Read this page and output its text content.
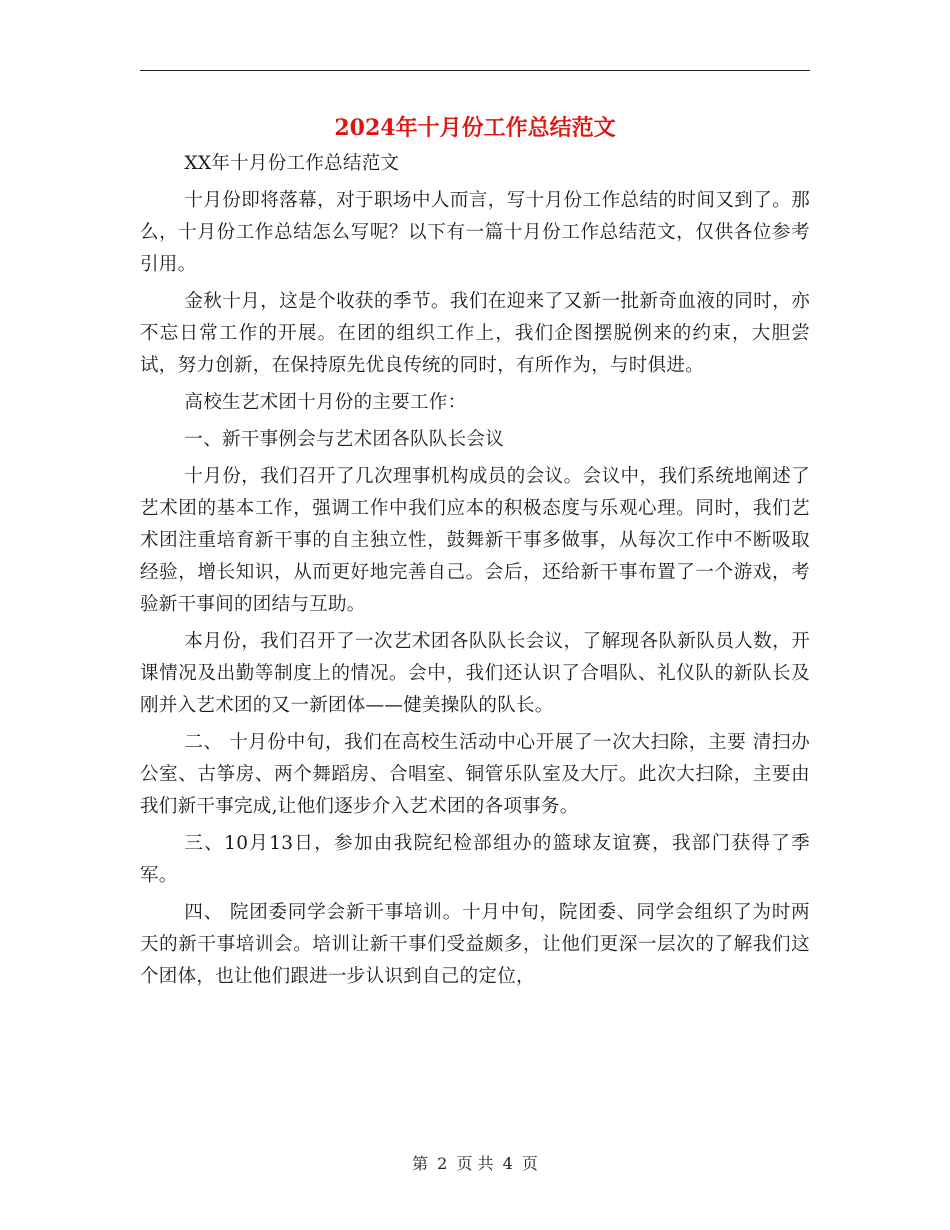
2024年十月份工作总结范文

XX年十月份工作总结范文

十月份即将落幕，对于职场中人而言，写十月份工作总结的时间又到了。那么，十月份工作总结怎么写呢？以下有一篇十月份工作总结范文，仅供各位参考引用。

金秋十月，这是个收获的季节。我们在迎来了又新一批新奇血液的同时，亦不忘日常工作的开展。在团的组织工作上，我们企图摆脱例来的约束，大胆尝试，努力创新，在保持原先优良传统的同时，有所作为，与时俱进。

高校生艺术团十月份的主要工作：

一、新干事例会与艺术团各队队长会议

十月份，我们召开了几次理事机构成员的会议。会议中，我们系统地阐述了艺术团的基本工作，强调工作中我们应本的积极态度与乐观心理。同时，我们艺术团注重培育新干事的自主独立性，鼓舞新干事多做事，从每次工作中不断吸取经验，增长知识，从而更好地完善自己。会后，还给新干事布置了一个游戏，考验新干事间的团结与互助。

本月份，我们召开了一次艺术团各队队长会议，了解现各队新队员人数，开课情况及出勤等制度上的情况。会中，我们还认识了合唱队、礼仪队的新队长及刚并入艺术团的又一新团体——健美操队的队长。

二、 十月份中旬，我们在高校生活动中心开展了一次大扫除，主要 清扫办公室、古筝房、两个舞蹈房、合唱室、铜管乐队室及大厅。此次大扫除，主要由我们新干事完成,让他们逐步介入艺术团的各项事务。

三、10月13日，参加由我院纪检部组办的篮球友谊赛，我部门获得了季军。

四、 院团委同学会新干事培训。十月中旬，院团委、同学会组织了为时两天的新干事培训会。培训让新干事们受益颇多，让他们更深一层次的了解我们这个团体，也让他们跟进一步认识到自己的定位，

第 2 页 共 4 页
